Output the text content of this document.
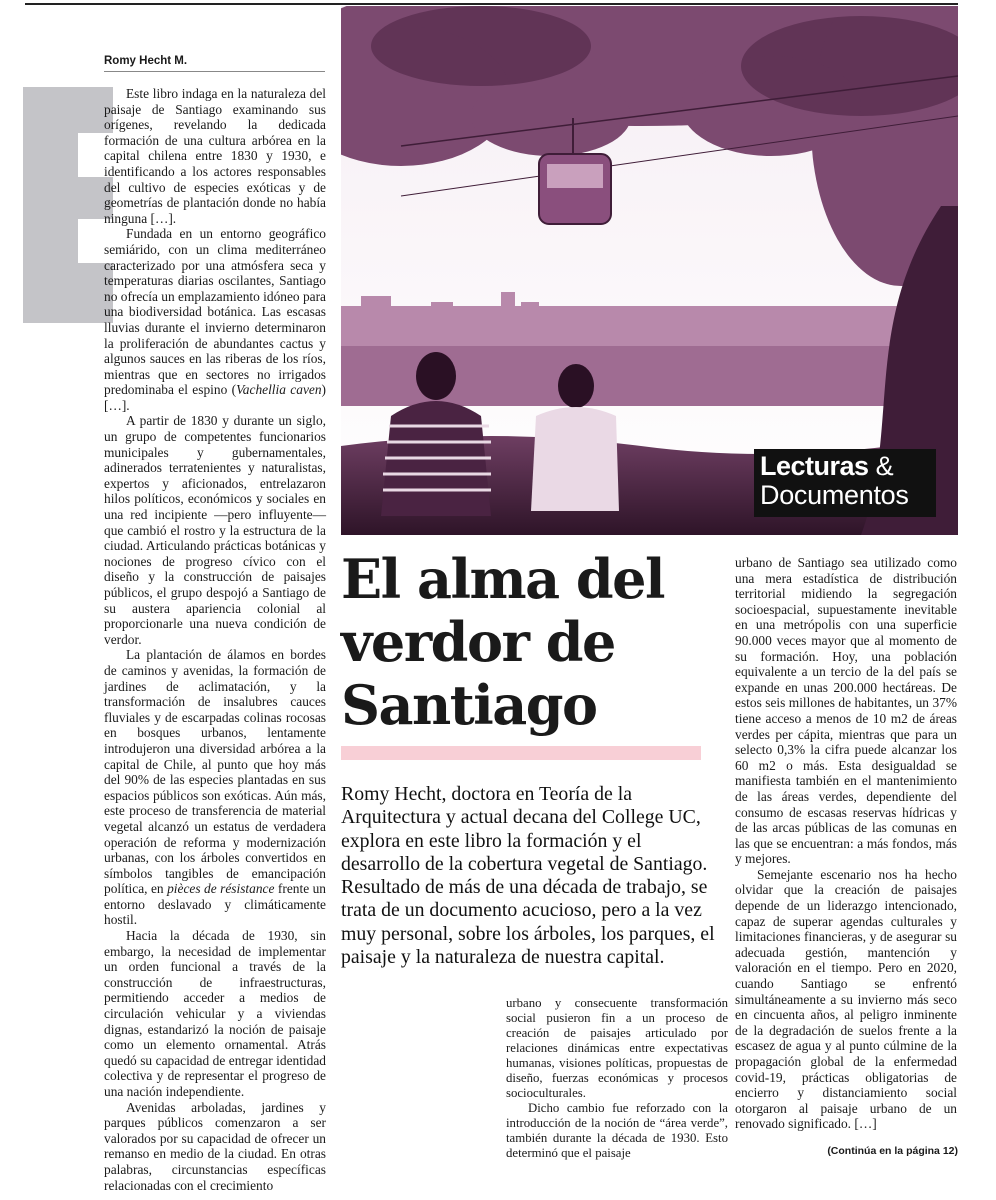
Romy Hecht M.

Este libro indaga en la naturaleza del paisaje de Santiago examinando sus orígenes, revelando la dedicada formación de una cultura arbórea en la capital chilena entre 1830 y 1930, e identificando a los actores responsables del cultivo de especies exóticas y de geometrías de plantación donde no había ninguna […].

Fundada en un entorno geográfico semiárido, con un clima mediterráneo caracterizado por una atmósfera seca y temperaturas diarias oscilantes, Santiago no ofrecía un emplazamiento idóneo para una biodiversidad botánica. Las escasas lluvias durante el invierno determinaron la proliferación de abundantes cactus y algunos sauces en las riberas de los ríos, mientras que en sectores no irrigados predominaba el espino (Vachellia caven) […].

A partir de 1830 y durante un siglo, un grupo de competentes funcionarios municipales y gubernamentales, adinerados terratenientes y naturalistas, expertos y aficionados, entrelazaron hilos políticos, económicos y sociales en una red incipiente —pero influyente— que cambió el rostro y la estructura de la ciudad. Articulando prácticas botánicas y nociones de progreso cívico con el diseño y la construcción de paisajes públicos, el grupo despojó a Santiago de su austera apariencia colonial al proporcionarle una nueva condición de verdor.

La plantación de álamos en bordes de caminos y avenidas, la formación de jardines de aclimatación, y la transformación de insalubres cauces fluviales y de escarpadas colinas rocosas en bosques urbanos, lentamente introdujeron una diversidad arbórea a la capital de Chile, al punto que hoy más del 90% de las especies plantadas en sus espacios públicos son exóticas. Aún más, este proceso de transferencia de material vegetal alcanzó un estatus de verdadera operación de reforma y modernización urbanas, con los árboles convertidos en símbolos tangibles de emancipación política, en pièces de résistance frente un entorno deslavado y climáticamente hostil.

Hacia la década de 1930, sin embargo, la necesidad de implementar un orden funcional a través de la construcción de infraestructuras, permitiendo acceder a medios de circulación vehicular y a viviendas dignas, estandarizó la noción de paisaje como un elemento ornamental. Atrás quedó su capacidad de entregar identidad colectiva y de representar el progreso de una nación independiente.

Avenidas arboladas, jardines y parques públicos comenzaron a ser valorados por su capacidad de ofrecer un remanso en medio de la ciudad. En otras palabras, circunstancias específicas relacionadas con el crecimiento

Lecturas &
Documentos
El alma del verdor de Santiago

Romy Hecht, doctora en Teoría de la Arquitectura y actual decana del College UC, explora en este libro la formación y el desarrollo de la cobertura vegetal de Santiago. Resultado de más de una década de trabajo, se trata de un documento acucioso, pero a la vez muy personal, sobre los árboles, los parques, el paisaje y la naturaleza de nuestra capital.

urbano y consecuente transformación social pusieron fin a un proceso de creación de paisajes articulado por relaciones dinámicas entre expectativas humanas, visiones políticas, propuestas de diseño, fuerzas económicas y procesos socioculturales.

Dicho cambio fue reforzado con la introducción de la noción de “área verde”, también durante la década de 1930. Esto determinó que el paisaje

urbano de Santiago sea utilizado como una mera estadística de distribución territorial midiendo la segregación socioespacial, supuestamente inevitable en una metrópolis con una superficie 90.000 veces mayor que al momento de su formación. Hoy, una población equivalente a un tercio de la del país se expande en unas 200.000 hectáreas. De estos seis millones de habitantes, un 37% tiene acceso a menos de 10 m2 de áreas verdes per cápita, mientras que para un selecto 0,3% la cifra puede alcanzar los 60 m2 o más. Esta desigualdad se manifiesta también en el mantenimiento de las áreas verdes, dependiente del consumo de escasas reservas hídricas y de las arcas públicas de las comunas en las que se encuentran: a más fondos, más y mejores.

Semejante escenario nos ha hecho olvidar que la creación de paisajes depende de un liderazgo intencionado, capaz de superar agendas culturales y limitaciones financieras, y de asegurar su adecuada gestión, mantención y valoración en el tiempo. Pero en 2020, cuando Santiago se enfrentó simultáneamente a su invierno más seco en cincuenta años, al peligro inminente de la degradación de suelos frente a la escasez de agua y al punto cúlmine de la propagación global de la enfermedad covid-19, prácticas obligatorias de encierro y distanciamiento social otorgaron al paisaje urbano de un renovado significado. […]

(Continúa en la página 12)
